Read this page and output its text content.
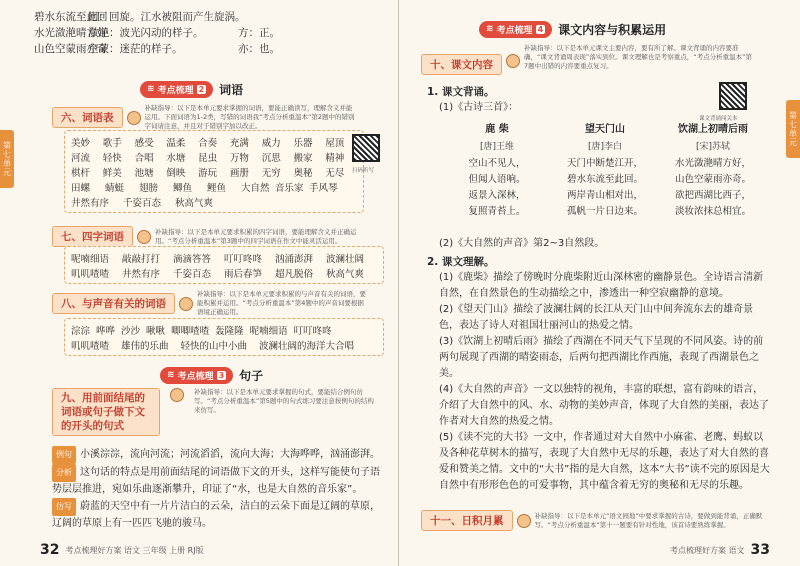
第七单元
碧水东流至此回
回：回旋。江水被阻而产生旋涡。
水光潋滟晴方好
潋滟：波光闪动的样子。	方：正。
山色空蒙雨亦奇
空蒙：迷茫的样子。	亦：也。
≋ 考点梳理 2 词语
六、词语表
补缺指导：以下是本单元要求掌握的词语，要能正确读写，理解含义并能运用。下面词语为1-2类，写错的词语我“考点分析重温本”第2题中的错别字词请注意，并且对于错别字加以改正。
美妙	歌手	感受	温柔	合奏	充满	威力	乐器	屋顶
河流	轻快	合唱	水塘	昆虫	万物	沉思	搬家	精神
棋杆	鲜美	池塘	倒映	游玩	画册	无穷	奥秘	无尽
田螺	蜻蜓	翅膀	鲫鱼	鲤鱼	大自然 音乐家 手风琴
井然有序	千姿百态	秋高气爽
扫码听写
七、四字词语	补缺指导：以下是本单元要求积累的四字词语，要能理解含义并正确运用。“考点分析重温本”第3题中的四字词语在作文中能灵活运用。
呢喃细语	敲敲打打	滴滴答答	叮叮咚咚	汹涌澎湃	波澜壮阔
叽叽喳喳	井然有序	千姿百态	雨后春笋	超凡脱俗	秋高气爽
八、与声音有关的词语
补缺指导：以下是本单元要求积累的与声音有关的词语，要能积累并运用。“考点分析重温本”第4题中的声音词要根据语境正确运用。
淙淙 哗哗 沙沙 啾啾 唧唧喳喳 轰隆隆 呢喃细语 叮叮咚咚
叽叽喳喳 雄伟的乐曲 轻快的山中小曲 波澜壮阔的海洋大合唱
≋ 考点梳理 3 句子
九、用前面结尾的词语或句子做下文的开头的句式
补缺指导：以下是本单元要求掌握的句式，要能结合例句仿写。“考点分析重温本”第5题中的句式练习要注意按例句的结构来仿写。
例句 小溪淙淙，流向河流；河流滔滔，流向大海；大海哗哗，汹涌澎湃。
分析 这句话的特点是用前面结尾的词语做下文的开头，这样写能使句子语势层层推进，宛如乐曲逐渐攀升，印证了“水，也是大自然的音乐家”。
仿写 蔚蓝的天空中有一片片洁白的云朵，洁白的云朵下面是辽阔的草原，辽阔的草原上有一匹匹飞驰的骏马。
32 考点梳理好方案 语文 三年级 上册 RJ版
第七单元
≋ 考点梳理 4 课文内容与积累运用
十、课文内容
补缺指导：以下是本单元课文主要内容，要有所了解。课文背诵的内容要准确，“课文背诵周表现”落实到位。课文理解也是考察重点，“考点分析重温本”第7题中出错的内容要重点复习。
课文背诵闯关本
1. 课文背诵。
(1)《古诗三首》：
鹿 柴
[唐]王维
空山不见人，
但闻人语响。
返景入深林，
复照青苔上。
望天门山
[唐]李白
天门中断楚江开，
碧水东流至此回。
两岸青山相对出，
孤帆一片日边来。
饮湖上初晴后雨
[宋]苏轼
水光潋滟晴方好，
山色空蒙雨亦奇。
欲把西湖比西子，
淡妆浓抹总相宜。
(2)《大自然的声音》第2~3自然段。
2. 课文理解。
(1)《鹿柴》描绘了傍晚时分鹿柴附近山深林密的幽静景色。全诗语言清新自然，在自然景色的生动描绘之中，渗透出一种空寂幽静的意境。
(2)《望天门山》描绘了波澜壮阔的长江从天门山中间奔流东去的雄奇景色，表达了诗人对祖国壮丽河山的热爱之情。
(3)《饮湖上初晴后雨》描绘了西湖在不同天气下呈现的不同风姿。诗的前两句展现了西湖的晴姿雨态，后两句把西湖比作西施，表现了西湖景色之美。
(4)《大自然的声音》一文以独特的视角，丰富的联想，富有韵味的语言，介绍了大自然中的风、水、动物的美妙声音，体现了大自然的美丽，表达了作者对大自然的热爱之情。
(5)《读不完的大书》一文中，作者通过对大自然中小麻雀、老鹰、蚂蚁以及各种花草树木的描写，表现了大自然中无尽的乐趣，表达了对大自然的喜爱和赞美之情。文中的“大书”指的是大自然，这本“大书”读不完的原因是大自然中有形形色色的可爱事物，其中蕴含着无穷的奥秘和无尽的乐趣。
十一、日积月累	补缺指导：以下是本单元“语文园地”中要求掌握的古诗，要做到能背诵，正确默写。“考点分析重温本”第十一题要有针对性地，该首诗要熟练掌握。
考点梳理好方案 语文 33
